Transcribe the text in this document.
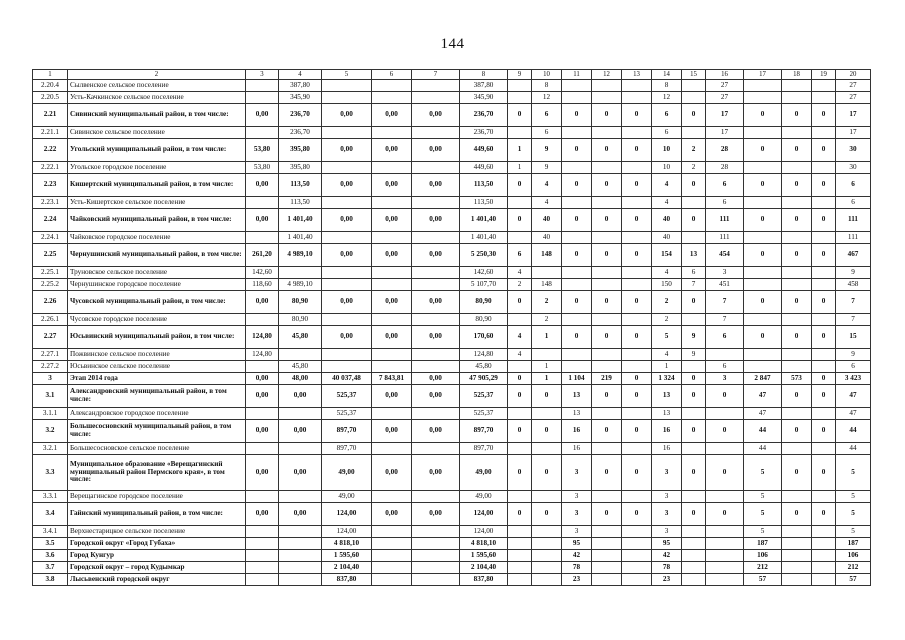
144
1	2	3	4	5	6	7	8	9	10	11	12	13	14	15	16	17	18	19	20
2.20.4	Сылвенское сельское поселение		387,80				387,80		8				8		27				27
2.20.5	Усть-Качкинское сельское поселение		345,90				345,90		12				12		27				27
2.21	Сивинский муниципальный район, в том числе:	0,00	236,70	0,00	0,00	0,00	236,70	0	6	0	0	0	6	0	17	0	0	0	17
2.21.1	Сивинское сельское поселение		236,70				236,70		6				6		17				17
2.22	Угольский муниципальный район, в том числе:	53,80	395,80	0,00	0,00	0,00	449,60	1	9	0	0	0	10	2	28	0	0	0	30
2.22.1	Угольское городское поселение	53,80	395,80				449,60	1	9				10	2	28				30
2.23	Кишертский муниципальный район, в том числе:	0,00	113,50	0,00	0,00	0,00	113,50	0	4	0	0	0	4	0	6	0	0	0	6
2.23.1	Усть-Кишертское сельское поселение		113,50				113,50		4				4		6				6
2.24	Чайковский муниципальный район, в том числе:	0,00	1 401,40	0,00	0,00	0,00	1 401,40	0	40	0	0	0	40	0	111	0	0	0	111
2.24.1	Чайковское городское поселение		1 401,40				1 401,40		40				40		111				111
2.25	Чернушинский муниципальный район, в том числе:	261,20	4 989,10	0,00	0,00	0,00	5 250,30	6	148	0	0	0	154	13	454	0	0	0	467
2.25.1	Труновское сельское поселение	142,60					142,60	4					4	6	3				9
2.25.2	Чернушинское городское поселение	118,60	4 989,10				5 107,70	2	148				150	7	451				458
2.26	Чусовской муниципальный район, в том числе:	0,00	80,90	0,00	0,00	0,00	80,90	0	2	0	0	0	2	0	7	0	0	0	7
2.26.1	Чусовское городское поселение		80,90				80,90		2				2		7				7
2.27	Юсьвинский муниципальный район, в том числе:	124,80	45,80	0,00	0,00	0,00	170,60	4	1	0	0	0	5	9	6	0	0	0	15
2.27.1	Пожвинское сельское поселение	124,80					124,80	4					4	9					9
2.27.2	Юсьвинское сельское поселение		45,80				45,80		1				1		6				6
3	Этап 2014 года	0,00	48,00	40 037,48	7 843,81	0,00	47 905,29	0	1	1 104	219	0	1 324	0	3	2 847	573	0	3 423
3.1	Александровский муниципальный район, в том числе:	0,00	0,00	525,37	0,00	0,00	525,37	0	0	13	0	0	13	0	0	47	0	0	47
3.1.1	Александровское городское поселение			525,37			525,37			13			13			47			47
3.2	Большесосновский муниципальный район, в том числе:	0,00	0,00	897,70	0,00	0,00	897,70	0	0	16	0	0	16	0	0	44	0	0	44
3.2.1	Большесосновское сельское поселение			897,70			897,70			16			16			44			44
3.3	Муниципальное образование «Верещагинский муниципальный район Пермского края», в том числе:	0,00	0,00	49,00	0,00	0,00	49,00	0	0	3	0	0	3	0	0	5	0	0	5
3.3.1	Верещагинское городское поселение			49,00			49,00			3			3			5			5
3.4	Гайнский муниципальный район, в том числе:	0,00	0,00	124,00	0,00	0,00	124,00	0	0	3	0	0	3	0	0	5	0	0	5
3.4.1	Верхнестарицкое сельское поселение			124,00			124,00			3			3			5			5
3.5	Городской округ «Город Губаха»			4 818,10			4 818,10			95			95			187			187
3.6	Город Кунгур			1 595,60			1 595,60			42			42			106			106
3.7	Городской округ – город Кудымкар			2 104,40			2 104,40			78			78			212			212
3.8	Лысьвенский городской округ			837,80			837,80			23			23			57			57
